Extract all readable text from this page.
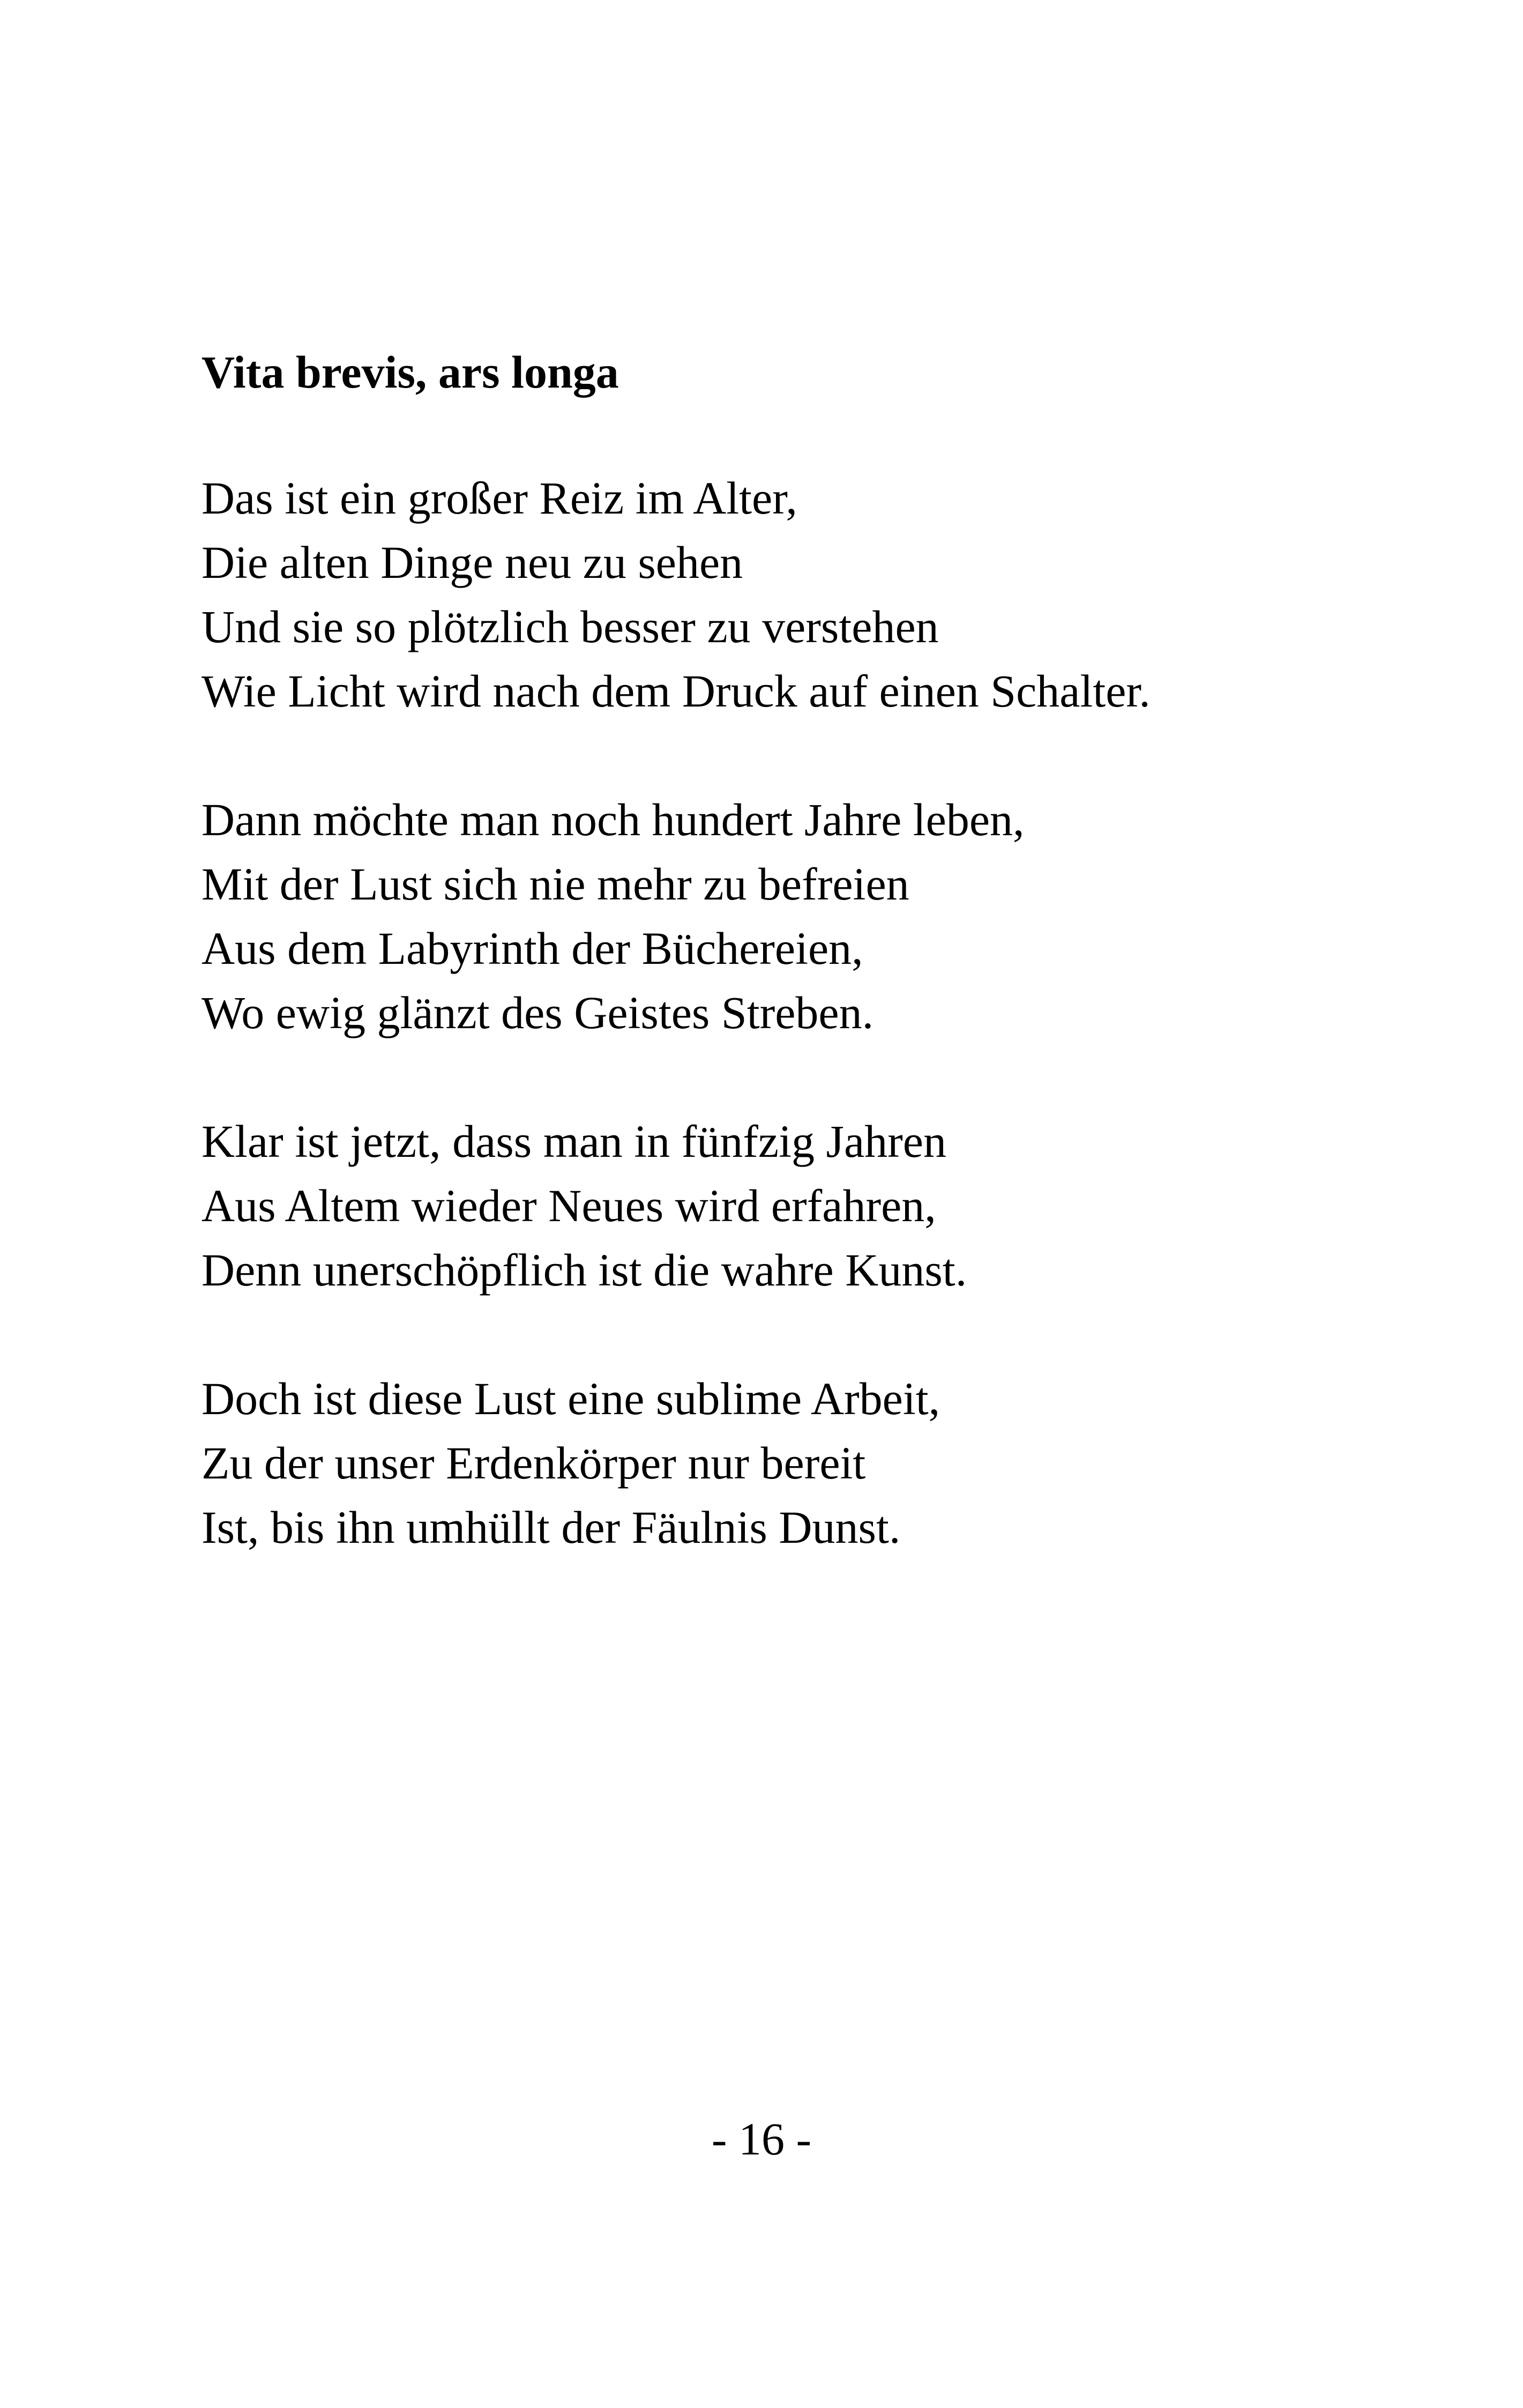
Vita brevis, ars longa
Das ist ein großer Reiz im Alter,
Die alten Dinge neu zu sehen
Und sie so plötzlich besser zu verstehen
Wie Licht wird nach dem Druck auf einen Schalter.
Dann möchte man noch hundert Jahre leben,
Mit der Lust sich nie mehr zu befreien
Aus dem Labyrinth der Büchereien,
Wo ewig glänzt des Geistes Streben.
Klar ist jetzt, dass man in fünfzig Jahren
Aus Altem wieder Neues wird erfahren,
Denn unerschöpflich ist die wahre Kunst.
Doch ist diese Lust eine sublime Arbeit,
Zu der unser Erdenkörper nur bereit
Ist, bis ihn umhüllt der Fäulnis Dunst.
- 16 -
